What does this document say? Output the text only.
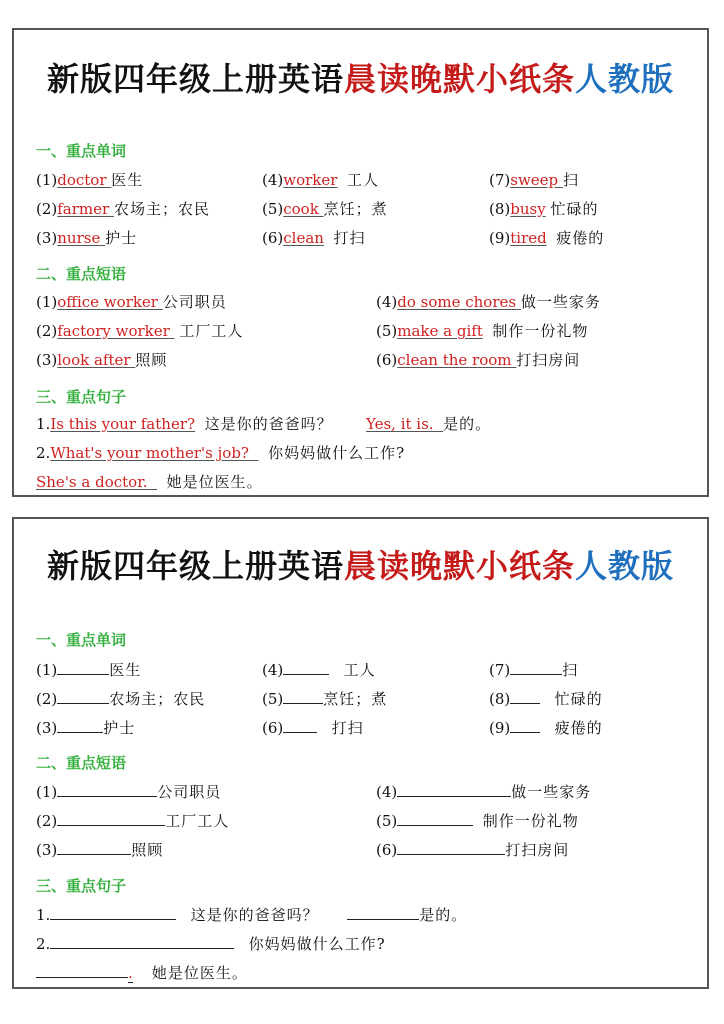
新版四年级上册英语晨读晚默小纸条人教版
一、重点单词
(1)doctor 医生
(2)farmer 农场主；农民
(3)nurse 护士
(4)worker 工人
(5)cook 烹饪；煮
(6)clean 打扫
(7)sweep 扫
(8)busy 忙碌的
(9)tired 疲倦的
二、重点短语
(1)office worker 公司职员
(2)factory worker 工厂工人
(3)look after 照顾
(4)do some chores 做一些家务
(5)make a gift 制作一份礼物
(6)clean the room 打扫房间
三、重点句子
1.Is this your father? 这是你的爸爸吗？ Yes, it is. 是的。
2.What's your mother's job? 你妈妈做什么工作?
She's a doctor. 她是位医生。
新版四年级上册英语晨读晚默小纸条人教版
一、重点单词
(1)	医生
(2)	农场主；农民
(3)	护士
(4)	工人
(5)	烹饪；煮
(6)	打扫
(7)	扫
(8)	忙碌的
(9)	疲倦的
二、重点短语
(1)	公司职员
(2)	工厂工人
(3)	照顾
(4)	做一些家务
(5)	制作一份礼物
(6)	打扫房间
三、重点句子
1.	这是你的爸爸吗？	是的。
2.	你妈妈做什么工作?
. 她是位医生。
